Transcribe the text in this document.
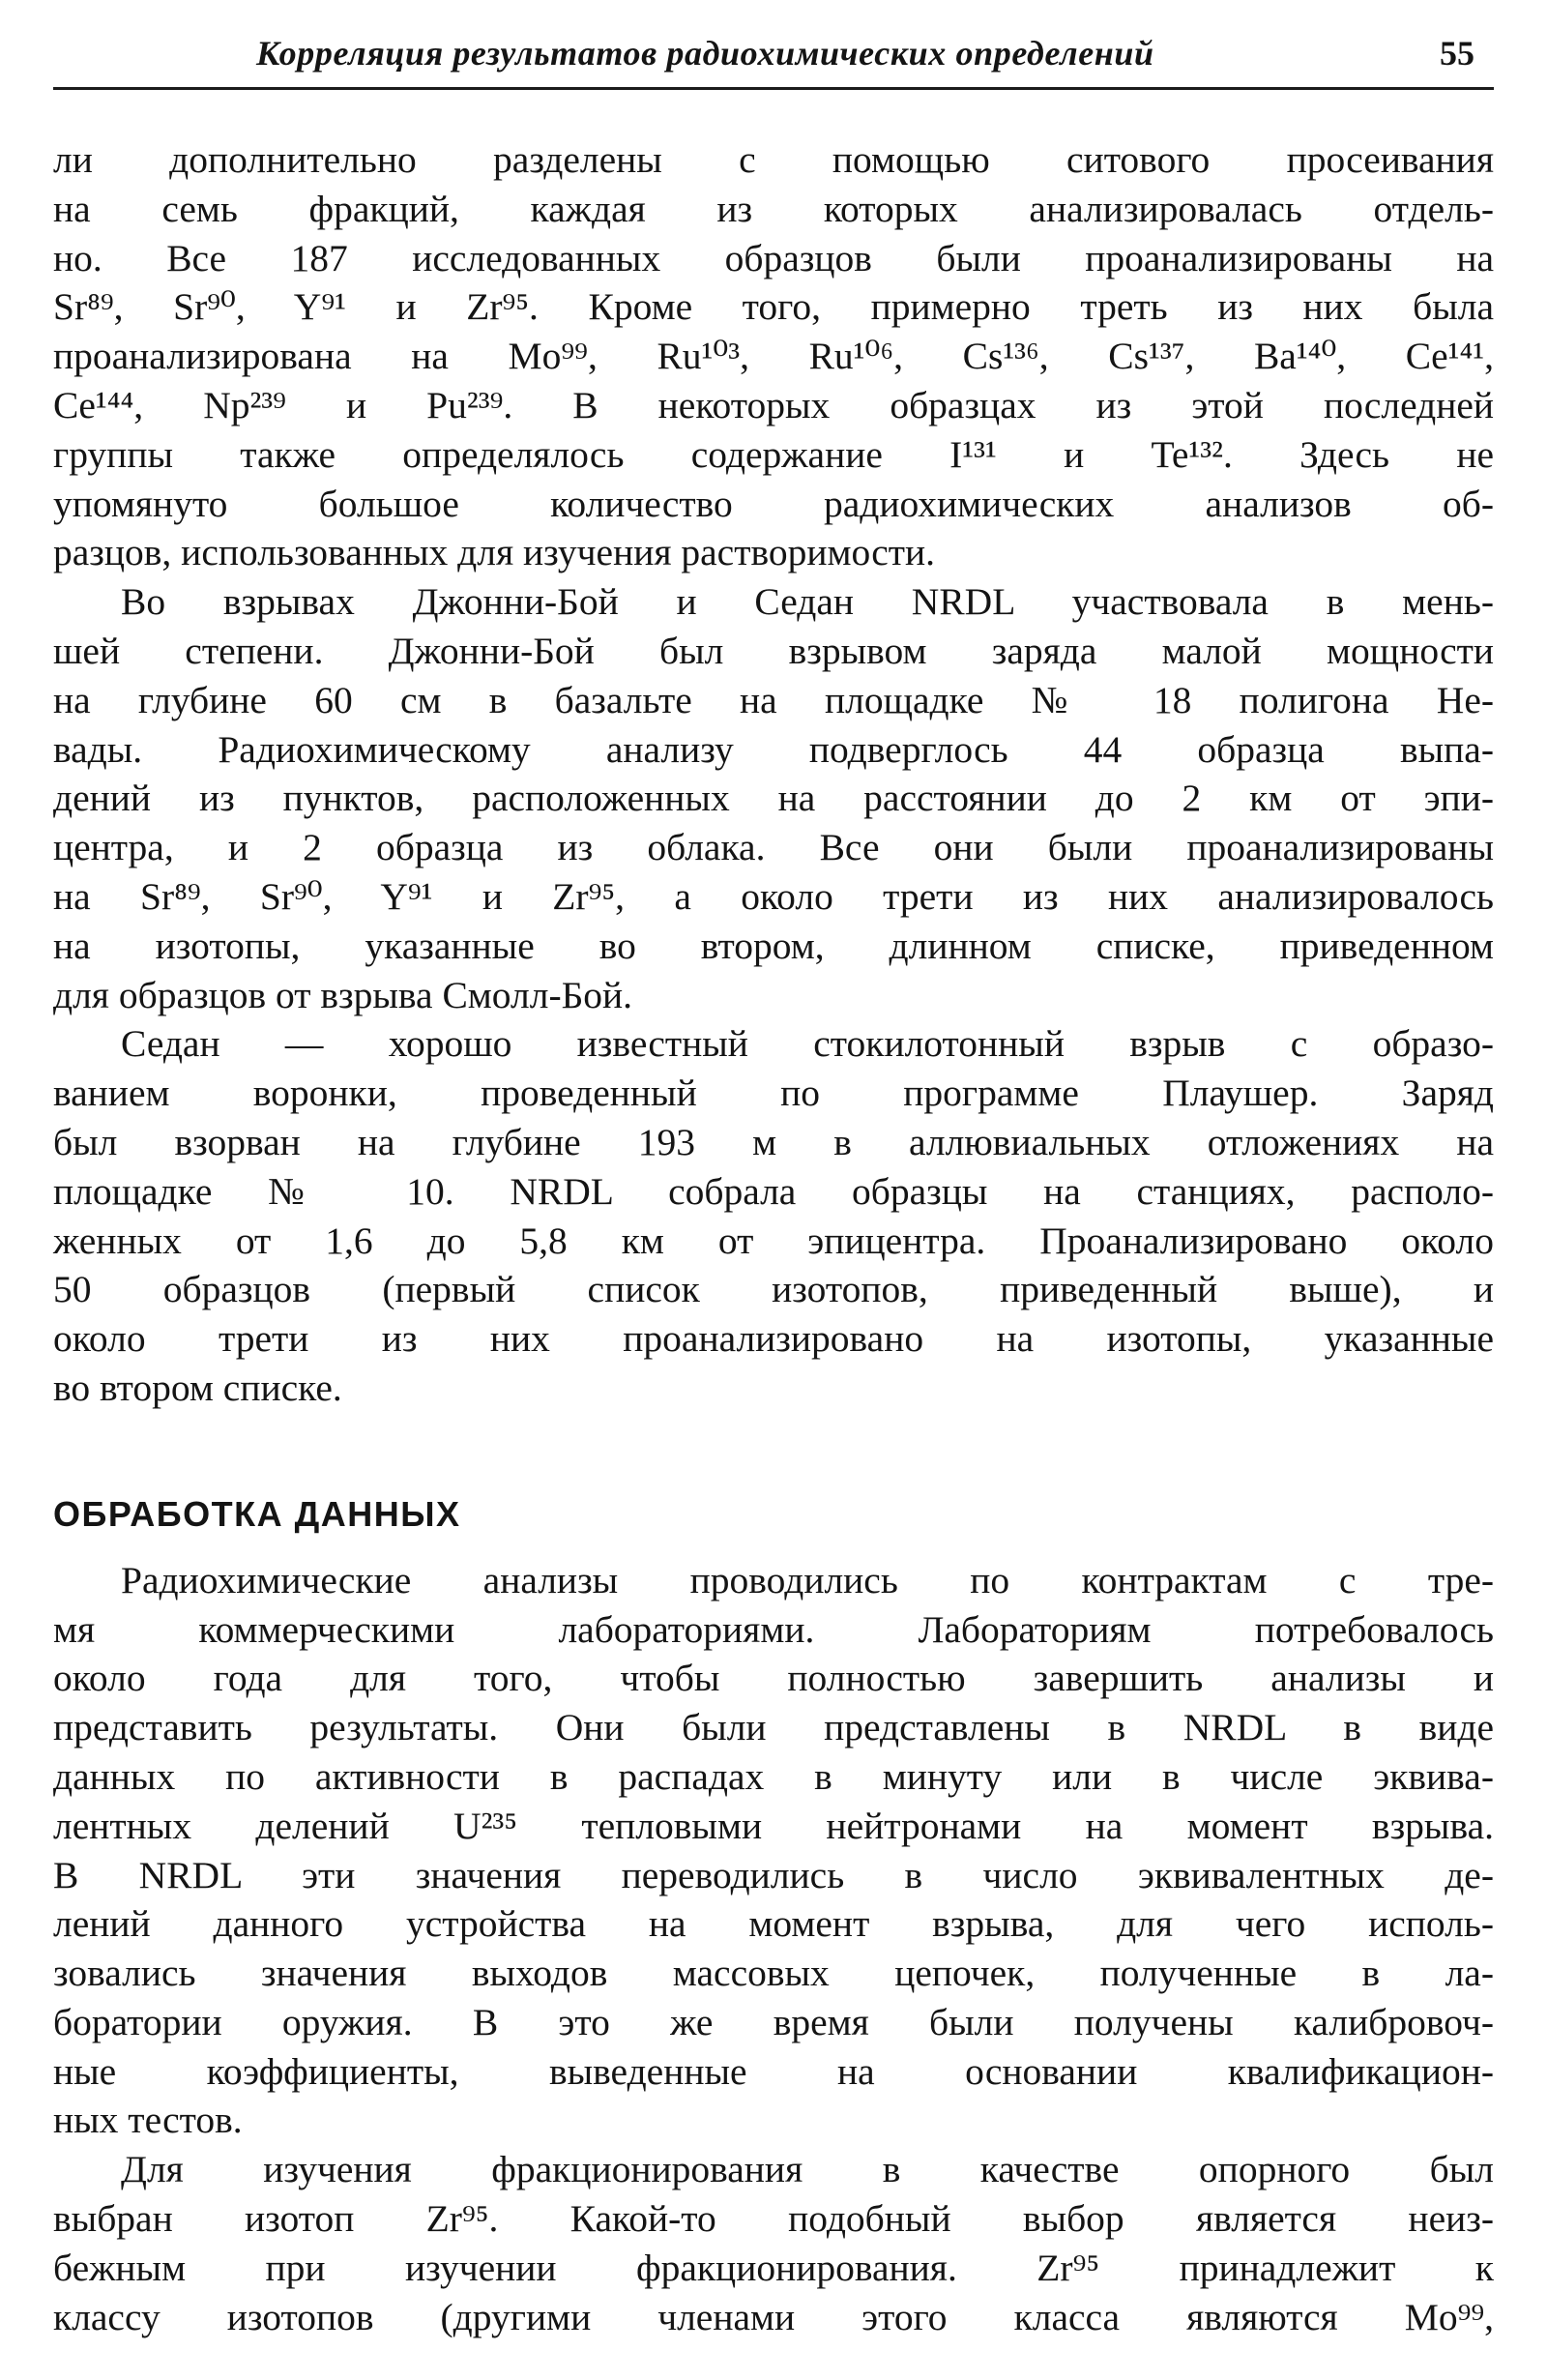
Корреляция результатов радиохимических определений	55
ли дополнительно разделены с помощью ситового просеивания
на семь фракций, каждая из которых анализировалась отдель-
но. Все 187 исследованных образцов были проанализированы на
Sr⁸⁹, Sr⁹⁰, Y⁹¹ и Zr⁹⁵. Кроме того, примерно треть из них была
проанализирована на Mo⁹⁹, Ru¹⁰³, Ru¹⁰⁶, Cs¹³⁶, Cs¹³⁷, Ba¹⁴⁰, Ce¹⁴¹,
Ce¹⁴⁴, Np²³⁹ и Pu²³⁹. В некоторых образцах из этой последней
группы также определялось содержание I¹³¹ и Te¹³². Здесь не
упомянуто большое количество радиохимических анализов об-
разцов, использованных для изучения растворимости.
Во взрывах Джонни-Бой и Седан NRDL участвовала в мень-
шей степени. Джонни-Бой был взрывом заряда малой мощности
на глубине 60 см в базальте на площадке № 18 полигона Не-
вады. Радиохимическому анализу подверглось 44 образца выпа-
дений из пунктов, расположенных на расстоянии до 2 км от эпи-
центра, и 2 образца из облака. Все они были проанализированы
на Sr⁸⁹, Sr⁹⁰, Y⁹¹ и Zr⁹⁵, а около трети из них анализировалось
на изотопы, указанные во втором, длинном списке, приведенном
для образцов от взрыва Смолл-Бой.
Седан — хорошо известный стокилотонный взрыв с образо-
ванием воронки, проведенный по программе Плаушер. Заряд
был взорван на глубине 193 м в аллювиальных отложениях на
площадке № 10. NRDL собрала образцы на станциях, располо-
женных от 1,6 до 5,8 км от эпицентра. Проанализировано около
50 образцов (первый список изотопов, приведенный выше), и
около трети из них проанализировано на изотопы, указанные
во втором списке.
ОБРАБОТКА ДАННЫХ
Радиохимические анализы проводились по контрактам с тре-
мя коммерческими лабораториями. Лабораториям потребовалось
около года для того, чтобы полностью завершить анализы и
представить результаты. Они были представлены в NRDL в виде
данных по активности в распадах в минуту или в числе эквива-
лентных делений U²³⁵ тепловыми нейтронами на момент взрыва.
В NRDL эти значения переводились в число эквивалентных де-
лений данного устройства на момент взрыва, для чего исполь-
зовались значения выходов массовых цепочек, полученные в ла-
боратории оружия. В это же время были получены калибровоч-
ные коэффициенты, выведенные на основании квалификацион-
ных тестов.
Для изучения фракционирования в качестве опорного был
выбран изотоп Zr⁹⁵. Какой-то подобный выбор является неиз-
бежным при изучении фракционирования. Zr⁹⁵ принадлежит к
классу изотопов (другими членами этого класса являются Mo⁹⁹,
